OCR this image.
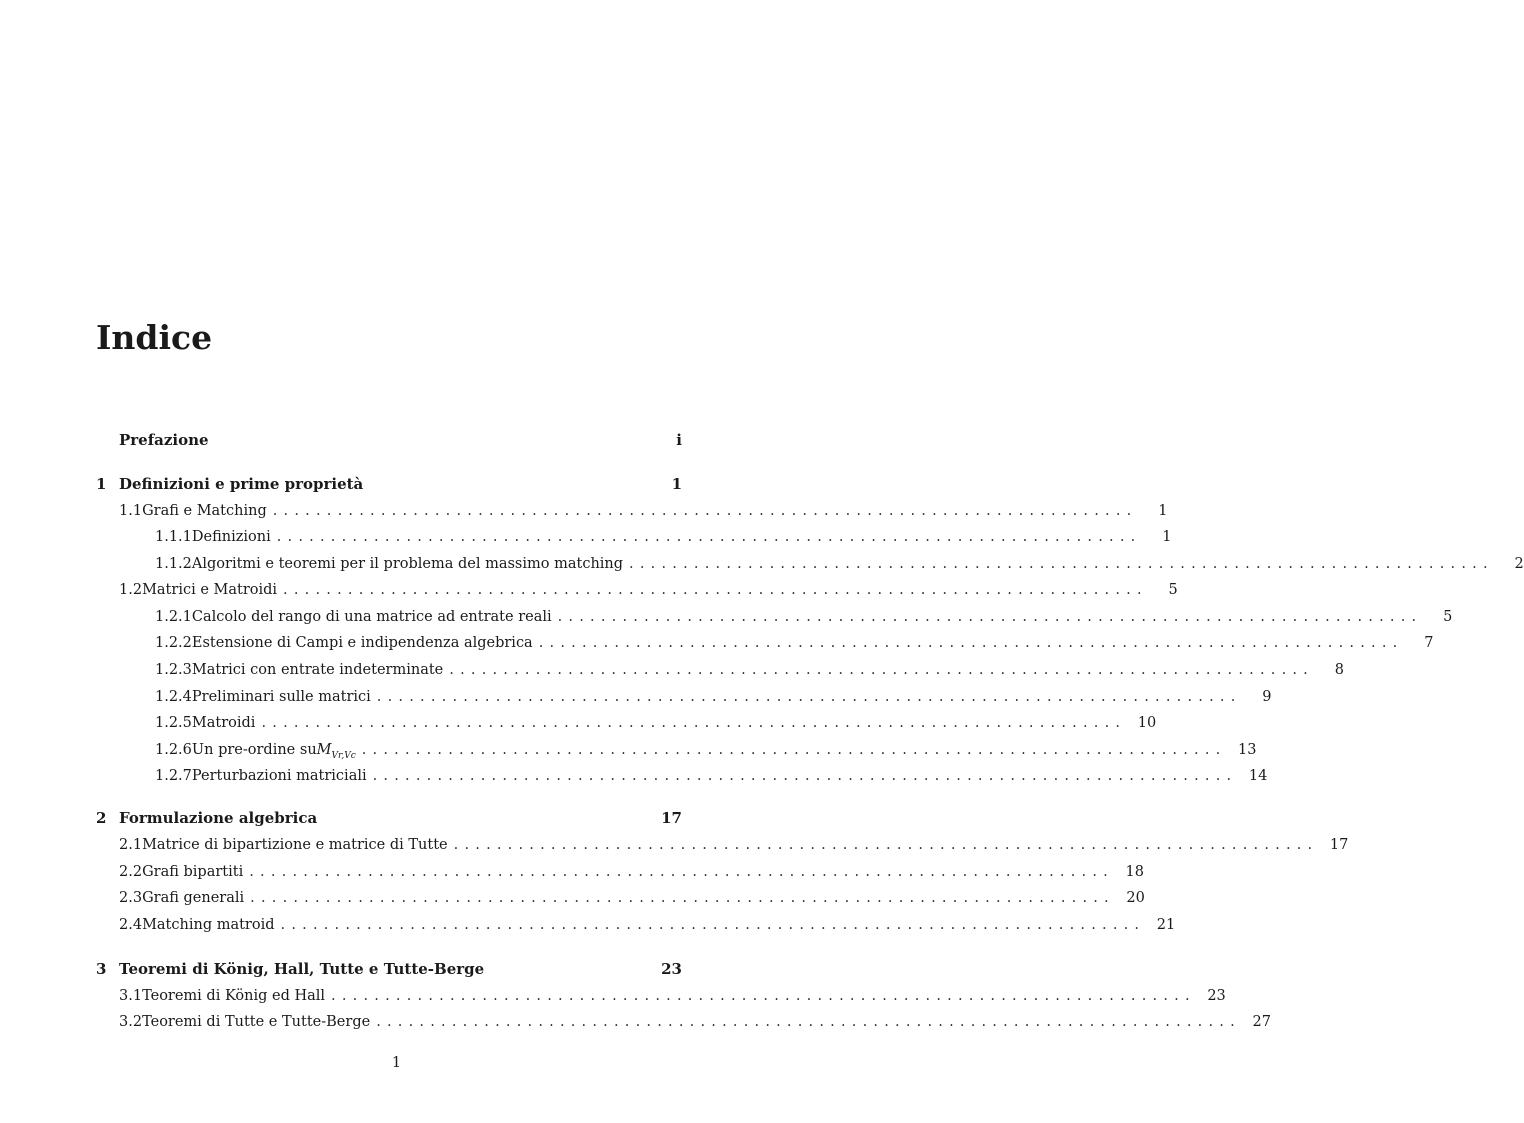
Indice
Prefazione	i
1 Definizioni e prime proprietà	1
1.1 Grafi e Matching ................................................................................	1
1.1.1 Definizioni ................................................................................	1
1.1.2 Algoritmi e teoremi per il problema del massimo matching ................................................................................	2
1.2 Matrici e Matroidi ................................................................................	5
1.2.1 Calcolo del rango di una matrice ad entrate reali ................................................................................	5
1.2.2 Estensione di Campi e indipendenza algebrica ................................................................................	7
1.2.3 Matrici con entrate indeterminate ................................................................................	8
1.2.4 Preliminari sulle matrici ................................................................................	9
1.2.5 Matroidi ................................................................................ 10
1.2.6 Un pre-ordine su $M_{Vr,Vc}$ ................................................................................ 13
1.2.7 Perturbazioni matriciali ................................................................................ 14
2 Formulazione algebrica	17
2.1 Matrice di bipartizione e matrice di Tutte ................................................................................ 17
2.2 Grafi bipartiti ................................................................................ 18
2.3 Grafi generali ................................................................................ 20
2.4 Matching matroid ................................................................................ 21
3 Teoremi di König, Hall, Tutte e Tutte-Berge	23
3.1 Teoremi di König ed Hall ................................................................................ 23
3.2 Teoremi di Tutte e Tutte-Berge ................................................................................ 27
1
